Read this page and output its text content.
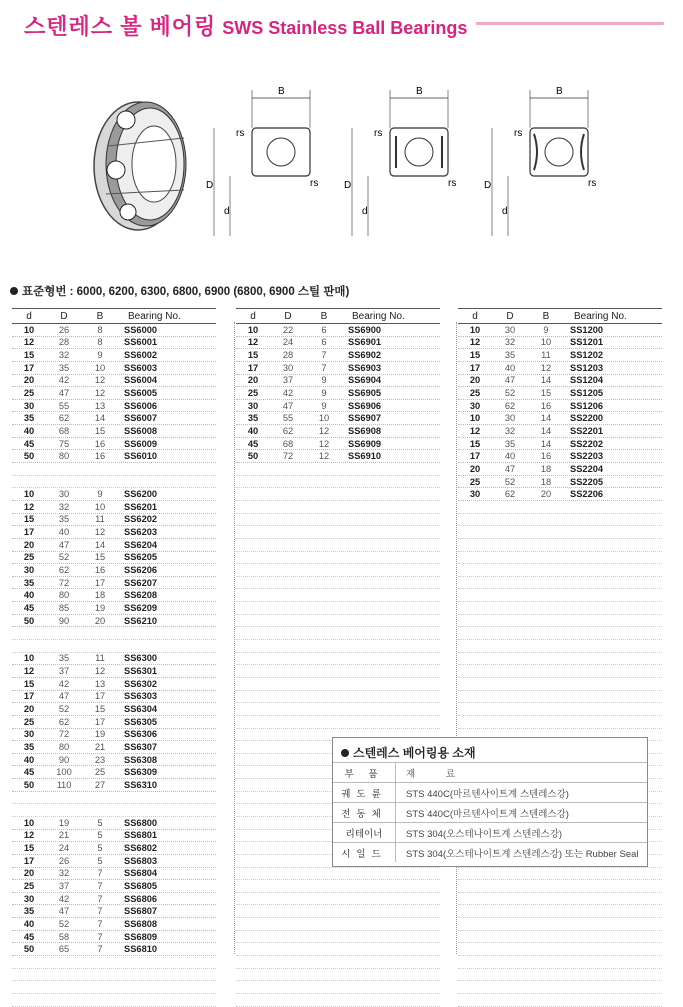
스텐레스 볼 베어링 SWS Stainless Ball Bearings
B
rs
rs
D
d
B
rs
rs
D
d
B
rs
rs
D
d
표준형번 : 6000, 6200, 6300, 6800, 6900 (6800, 6900 스틸 판매)
d	D	B	Bearing No.
10	26	8	SS6000
12	28	8	SS6001
15	32	9	SS6002
17	35	10	SS6003
20	42	12	SS6004
25	47	12	SS6005
30	55	13	SS6006
35	62	14	SS6007
40	68	15	SS6008
45	75	16	SS6009
50	80	16	SS6010
10	30	9	SS6200
12	32	10	SS6201
15	35	11	SS6202
17	40	12	SS6203
20	47	14	SS6204
25	52	15	SS6205
30	62	16	SS6206
35	72	17	SS6207
40	80	18	SS6208
45	85	19	SS6209
50	90	20	SS6210
10	35	11	SS6300
12	37	12	SS6301
15	42	13	SS6302
17	47	17	SS6303
20	52	15	SS6304
25	62	17	SS6305
30	72	19	SS6306
35	80	21	SS6307
40	90	23	SS6308
45	100	25	SS6309
50	110	27	SS6310
10	19	5	SS6800
12	21	5	SS6801
15	24	5	SS6802
17	26	5	SS6803
20	32	7	SS6804
25	37	7	SS6805
30	42	7	SS6806
35	47	7	SS6807
40	52	7	SS6808
45	58	7	SS6809
50	65	7	SS6810
d	D	B	Bearing No.
10	22	6	SS6900
12	24	6	SS6901
15	28	7	SS6902
17	30	7	SS6903
20	37	9	SS6904
25	42	9	SS6905
30	47	9	SS6906
35	55	10	SS6907
40	62	12	SS6908
45	68	12	SS6909
50	72	12	SS6910
d	D	B	Bearing No.
10	30	9	SS1200
12	32	10	SS1201
15	35	11	SS1202
17	40	12	SS1203
20	47	14	SS1204
25	52	15	SS1205
30	62	16	SS1206
10	30	14	SS2200
12	32	14	SS2201
15	35	14	SS2202
17	40	16	SS2203
20	47	18	SS2204
25	52	18	SS2205
30	62	20	SS2206
스텐레스 베어링용 소재
부 품	재 료
궤도륜	STS 440C(마르텐사이트계 스텐레스강)
전동체	STS 440C(마르텐사이트계 스텐레스강)
리테이너	STS 304(오스테나이트계 스텐레스강)
시일드	STS 304(오스테나이트계 스텐레스강) 또는 Rubber Seal
